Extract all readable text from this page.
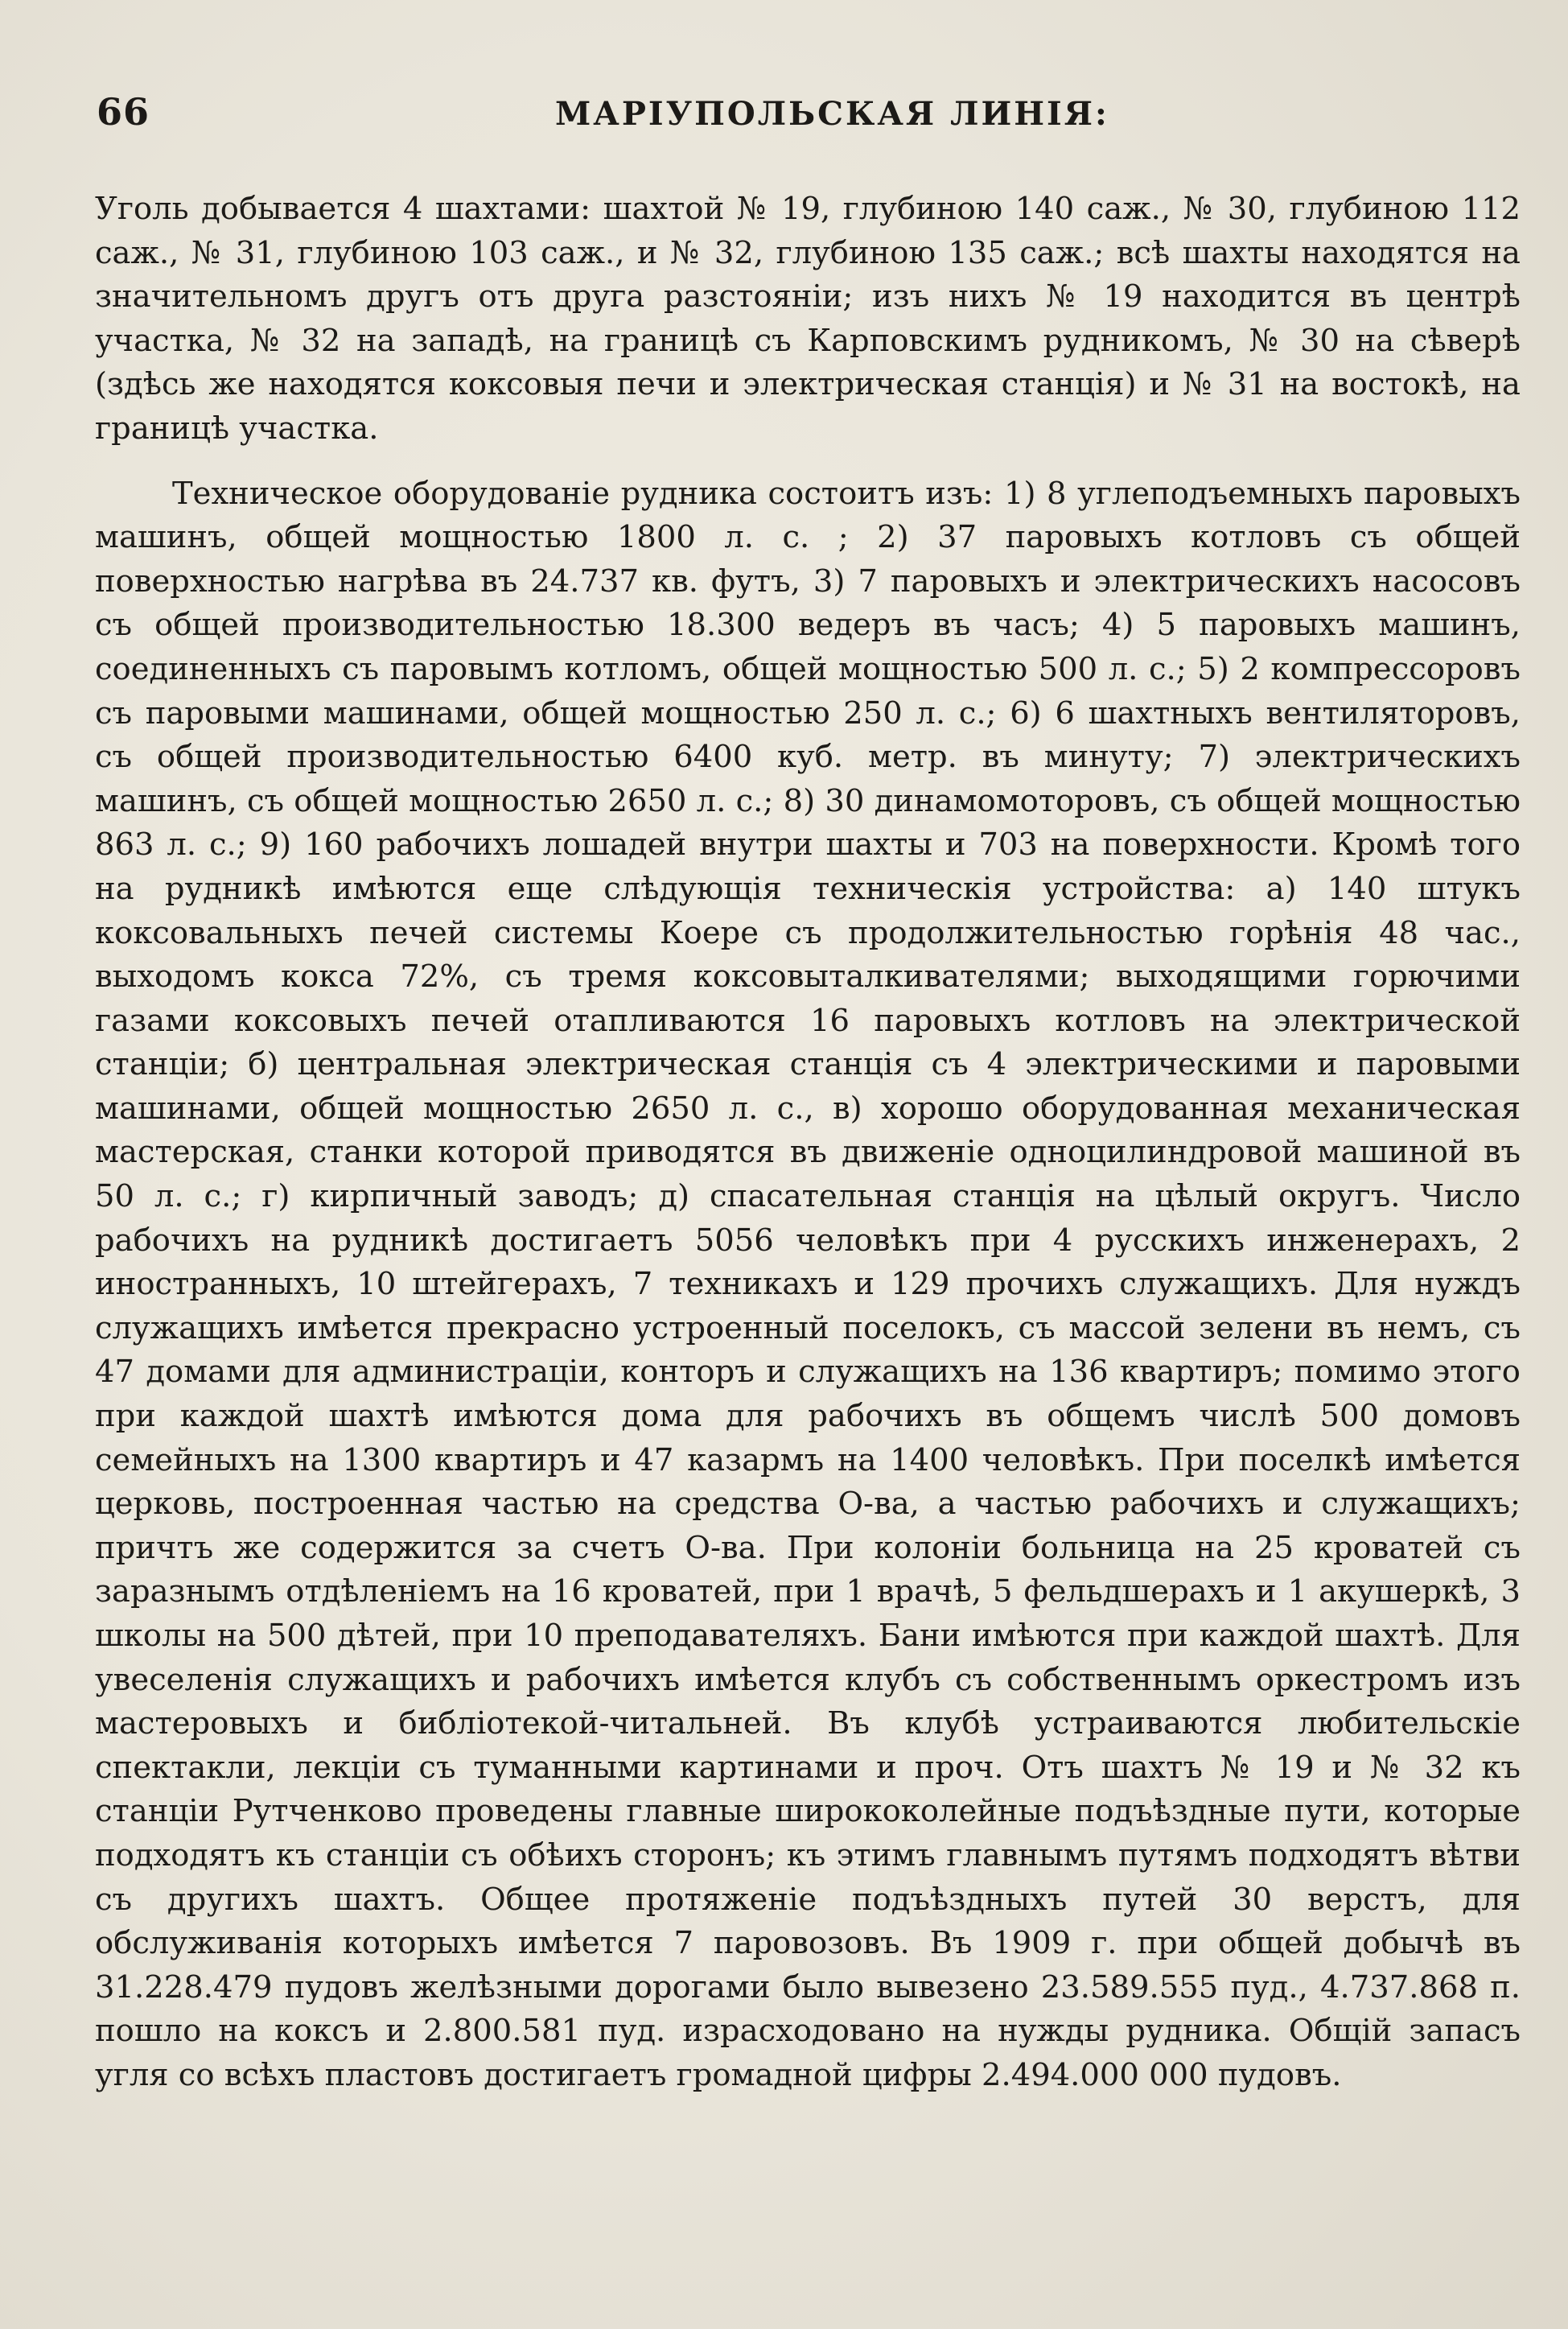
66	МАРІУПОЛЬСКАЯ ЛИНІЯ:

Уголь добывается 4 шахтами: шахтой № 19, глубиною 140 саж., № 30, глубиною 112 саж., № 31, глубиною 103 саж., и № 32, глубиною 135 саж.; всѣ шахты находятся на значительномъ другъ отъ друга разстояніи; изъ нихъ № 19 находится въ центрѣ участка, № 32 на западѣ, на границѣ съ Карповскимъ рудникомъ, № 30 на сѣверѣ (здѣсь же находятся коксовыя печи и электрическая станція) и № 31 на востокѣ, на границѣ участка.

Техническое оборудованіе рудника состоитъ изъ: 1) 8 углеподъемныхъ паровыхъ машинъ, общей мощностью 1800 л. с. ; 2) 37 паровыхъ котловъ съ общей поверхностью нагрѣва въ 24.737 кв. футъ, 3) 7 паровыхъ и электрическихъ насосовъ съ общей производительностью 18.300 ведеръ въ часъ; 4) 5 паровыхъ машинъ, соединенныхъ съ паровымъ котломъ, общей мощностью 500 л. с.; 5) 2 компрессоровъ съ паровыми машинами, общей мощностью 250 л. с.; 6) 6 шахтныхъ вентиляторовъ, съ общей производительностью 6400 куб. метр. въ минуту; 7) электрическихъ машинъ, съ общей мощностью 2650 л. с.; 8) 30 динамомоторовъ, съ общей мощностью 863 л. с.; 9) 160 рабочихъ лошадей внутри шахты и 703 на поверхности. Кромѣ того на рудникѣ имѣются еще слѣдующія техническія устройства: а) 140 штукъ коксовальныхъ печей системы Коере съ продолжительностью горѣнія 48 час., выходомъ кокса 72%, съ тремя коксовыталкивателями; выходящими горючими газами коксовыхъ печей отапливаются 16 паровыхъ котловъ на электрической станціи; б) центральная электрическая станція съ 4 электрическими и паровыми машинами, общей мощностью 2650 л. с., в) хорошо оборудованная механическая мастерская, станки которой приводятся въ движеніе одноцилиндровой машиной въ 50 л. с.; г) кирпичный заводъ; д) спасательная станція на цѣлый округъ. Число рабочихъ на рудникѣ достигаетъ 5056 человѣкъ при 4 русскихъ инженерахъ, 2 иностранныхъ, 10 штейгерахъ, 7 техникахъ и 129 прочихъ служащихъ. Для нуждъ служащихъ имѣется прекрасно устроенный поселокъ, съ массой зелени въ немъ, съ 47 домами для администраціи, конторъ и служащихъ на 136 квартиръ; помимо этого при каждой шахтѣ имѣются дома для рабочихъ въ общемъ числѣ 500 домовъ семейныхъ на 1300 квартиръ и 47 казармъ на 1400 человѣкъ. При поселкѣ имѣется церковь, построенная частью на средства О-ва, а частью рабочихъ и служащихъ; причтъ же содержится за счетъ О-ва. При колоніи больница на 25 кроватей съ заразнымъ отдѣленіемъ на 16 кроватей, при 1 врачѣ, 5 фельдшерахъ и 1 акушеркѣ, 3 школы на 500 дѣтей, при 10 преподавателяхъ. Бани имѣются при каждой шахтѣ. Для увеселенія служащихъ и рабочихъ имѣется клубъ съ собственнымъ оркестромъ изъ мастеровыхъ и библіотекой-читальней. Въ клубѣ устраиваются любительскіе спектакли, лекціи съ туманными картинами и проч. Отъ шахтъ № 19 и № 32 къ станціи Рутченково проведены главные ширококолейные подъѣздные пути, которые подходятъ къ станціи съ обѣихъ сторонъ; къ этимъ главнымъ путямъ подходятъ вѣтви съ другихъ шахтъ. Общее протяженіе подъѣздныхъ путей 30 верстъ, для обслуживанія которыхъ имѣется 7 паровозовъ. Въ 1909 г. при общей добычѣ въ 31.228.479 пудовъ желѣзными дорогами было вывезено 23.589.555 пуд., 4.737.868 п. пошло на коксъ и 2.800.581 пуд. израсходовано на нужды рудника. Общій запасъ угля со всѣхъ пластовъ достигаетъ громадной цифры 2.494.000 000 пудовъ.
